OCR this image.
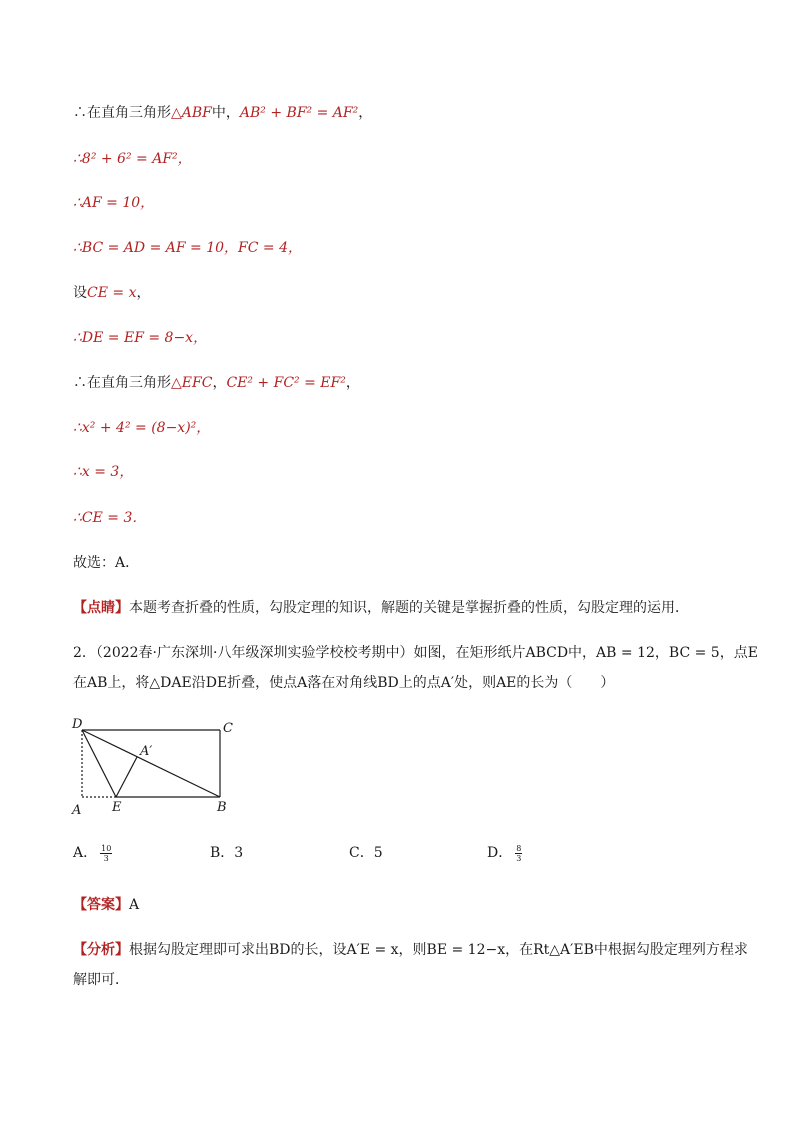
∴在直角三角形△ABF中，AB² + BF² = AF²，
∴8² + 6² = AF²，
∴AF = 10，
∴BC = AD = AF = 10，FC = 4，
设CE = x，
∴DE = EF = 8−x，
∴在直角三角形△EFC，CE² + FC² = EF²，
∴x² + 4² = (8−x)²，
∴x = 3，
∴CE = 3．
故选：A．
【点睛】本题考查折叠的性质，勾股定理的知识，解题的关键是掌握折叠的性质，勾股定理的运用．
2．（2022春·广东深圳·八年级深圳实验学校校考期中）如图，在矩形纸片ABCD中，AB = 12，BC = 5，点E
在AB上，将△DAE沿DE折叠，使点A落在对角线BD上的点A′处，则AE的长为（　　）
D	C
A′
A E	B
A． $\frac{10}{3}$	B．3	C．5	D． $\frac{8}{3}$
【答案】A
【分析】根据勾股定理即可求出BD的长，设A′E = x，则BE = 12−x，在Rt△A′EB中根据勾股定理列方程求
解即可．
